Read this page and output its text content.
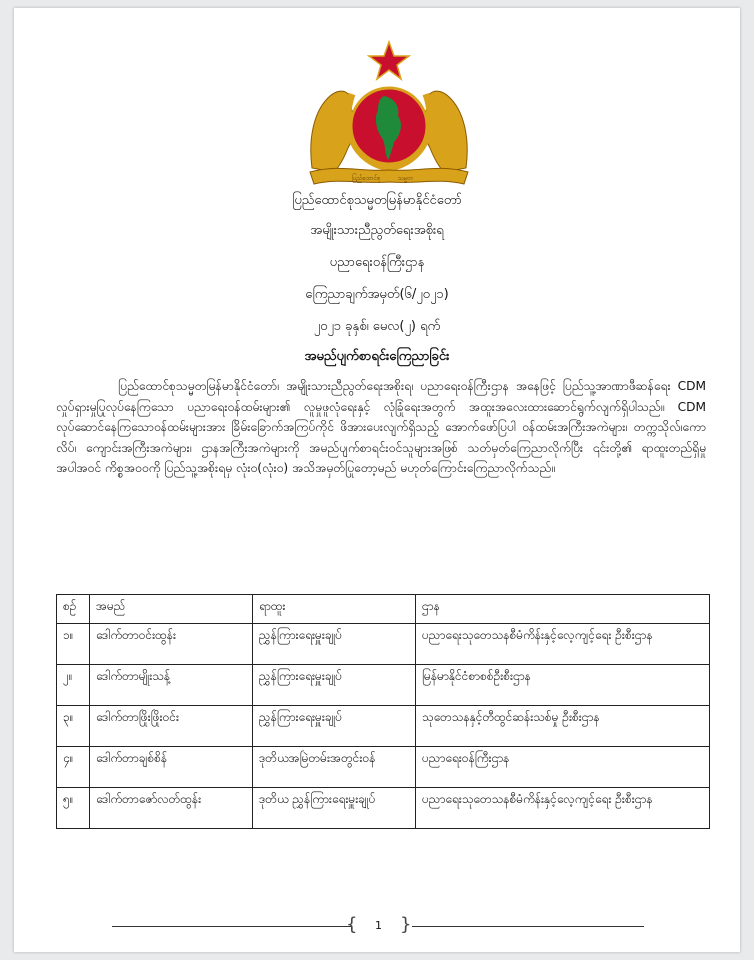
ပြည်ထောင်စု	သမ္မတ
ပြည်ထောင်စုသမ္မတမြန်မာနိုင်ငံတော်
အမျိုးသားညီညွတ်ရေးအစိုးရ
ပညာရေးဝန်ကြီးဌာန
ကြေညာချက်အမှတ်(၆/၂၀၂၁)
၂၀၂၁ ခုနှစ်၊ မေလ(၂) ရက်
အမည်ပျက်စာရင်းကြေညာခြင်း
ပြည်ထောင်စုသမ္မတမြန်မာနိုင်ငံတော်၊ အမျိုးသားညီညွတ်ရေးအစိုးရ၊ ပညာရေးဝန်ကြီးဌာန အနေဖြင့် ပြည်သူ့အာဏာဖီဆန်ရေး CDM လှုပ်ရှားမှုပြုလုပ်နေကြသော ပညာရေးဝန်ထမ်းများ၏ လူမှုဖူလုံရေးနှင့် လုံခြုံရေးအတွက် အထူးအလေးထားဆောင်ရွက်လျက်ရှိပါသည်။ CDM လုပ်ဆောင်နေကြသောဝန်ထမ်းများအား ခြိမ်းခြောက်အကြပ်ကိုင် ဖိအားပေးလျက်ရှိသည့် အောက်ဖော်ပြပါ ဝန်ထမ်းအကြီးအကဲများ၊ တက္ကသိုလ်၊ကောလိပ်၊ ကျောင်းအကြီးအကဲများ၊ ဌာနအကြီးအကဲများကို အမည်ပျက်စာရင်းဝင်သူများအဖြစ် သတ်မှတ်ကြေညာလိုက်ပြီး ၎င်းတို့၏ ရာထူးတည်ရှိမှုအပါအဝင် ကိစ္စအဝဝကို ပြည်သူ့အစိုးရမှ လုံး၀(လုံး၀) အသိအမှတ်ပြုတော့မည် မဟုတ်ကြောင်းကြေညာလိုက်သည်။
စဉ်	အမည်	ရာထူး	ဌာန
၁။	ဒေါက်တာဝင်းထွန်း	ညွှန်ကြားရေးမှူးချုပ်	ပညာရေးသုတေသနစီမံကိန်းနှင့်လေ့ကျင့်ရေး ဦးစီးဌာန
၂။	ဒေါက်တာမျိုးသန့်	ညွှန်ကြားရေးမှူးချုပ်	မြန်မာနိုင်ငံစာစစ်ဦးစီးဌာန
၃။	ဒေါက်တာဖြိုးဖြိုးဝင်း	ညွှန်ကြားရေးမှူးချုပ်	သုတေသနနှင့်တီထွင်ဆန်းသစ်မှု ဦးစီးဌာန
၄။	ဒေါက်တာချစ်စိန်	ဒုတိယအမြဲတမ်းအတွင်းဝန်	ပညာရေးဝန်ကြီးဌာန
၅။	ဒေါက်တာဇော်လတ်ထွန်း	ဒုတိယ ညွှန်ကြားရေးမှူးချုပ်	ပညာရေးသုတေသနစီမံကိန်းနှင့်လေ့ကျင့်ရေး ဦးစီးဌာန
{ 1 }
